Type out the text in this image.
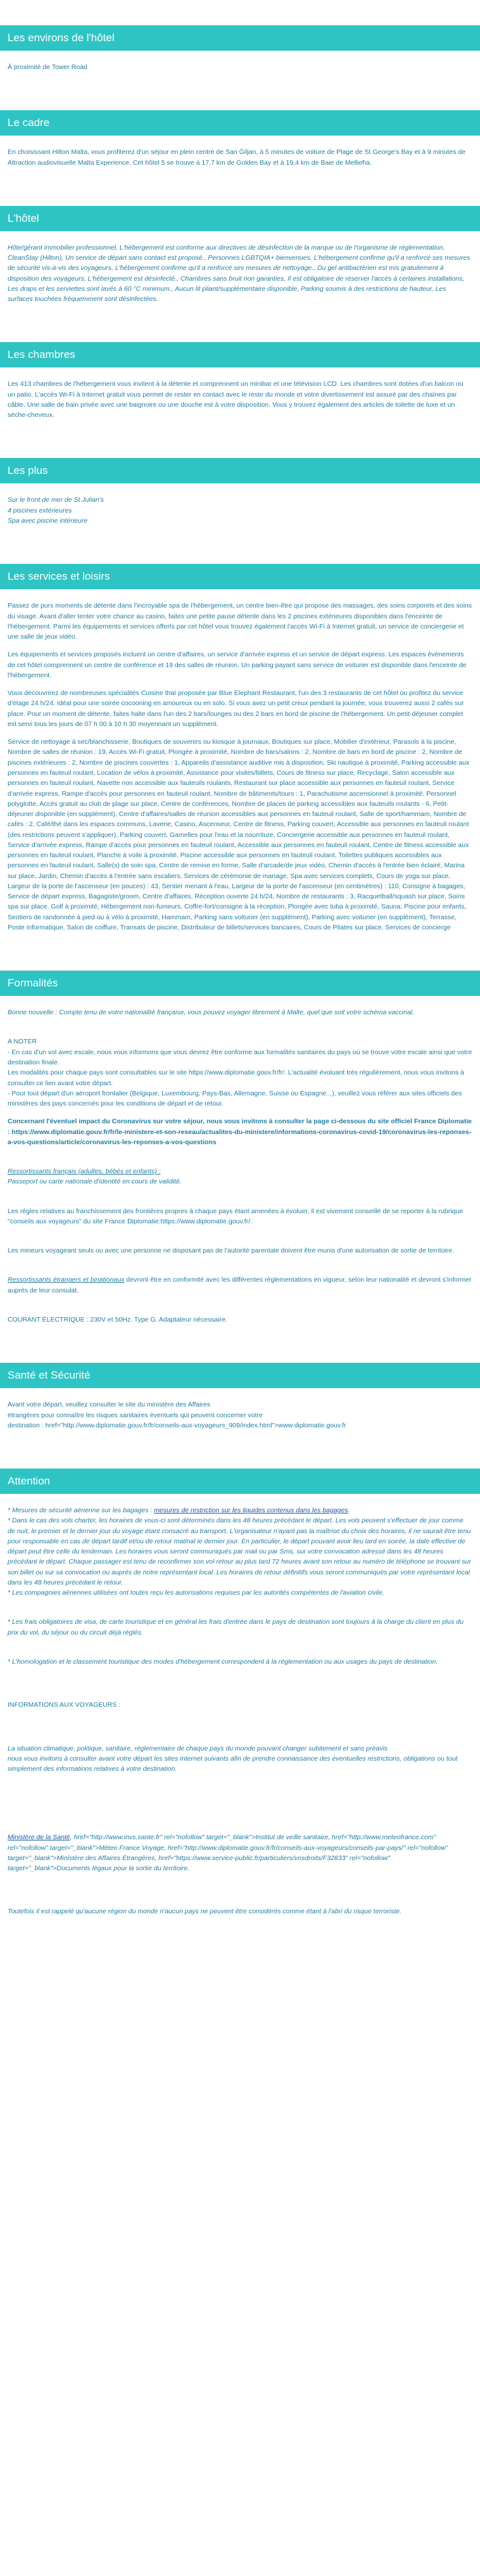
Les environs de l'hôtel

À proximité de Tower Road

Le cadre

En choisissant Hilton Malta, vous profiterez d'un séjour en plein centre de San Ġiljan, à 5 minutes de voiture de Plage de St George's Bay et à 9 minutes de Attraction audiovisuelle Malta Experience. Cet hôtel 5 se trouve à 17,7 km de Golden Bay et à 19,4 km de Baie de Mellieħa.

L'hôtel

Hôte/gérant immobilier professionnel, L'hébergement est conforme aux directives de désinfection de la marque ou de l'organisme de réglementation, CleanStay (Hilton), Un service de départ sans contact est proposé., Personnes LGBTQIA+ bienvenues, L'hébergement confirme qu'il a renforcé ses mesures de sécurité vis-à-vis des voyageurs, L'hébergement confirme qu'il a renforcé ses mesures de nettoyage., Du gel antibactérien est mis gratuitement à disposition des voyageurs, L'hébergement est désinfecté., Chambres sans bruit non garanties, Il est obligatoire de réserver l'accès à certaines installations, Les draps et les serviettes sont lavés à 60 °C minimum., Aucun lit pliant/supplémentaire disponible, Parking soumis à des restrictions de hauteur, Les surfaces touchées fréquemment sont désinfectées.

Les chambres

Les 413 chambres de l'hébergement vous invitent à la détente et comprennent un minibar et une télévision LCD. Les chambres sont dotées d'un balcon ou un patio. L'accès Wi-Fi à Internet gratuit vous permet de rester en contact avec le reste du monde et votre divertissement est assuré par des chaînes par câble. Une salle de bain privée avec une baignoire ou une douche est à votre disposition. Vous y trouvez également des articles de toilette de luxe et un sèche-cheveux.

Les plus
Sur le front de mer de St Julian's
4 piscines extérieures
Spa avec piscine intérieure
Les services et loisirs

Passez de purs moments de détente dans l'incroyable spa de l'hébergement, un centre bien-être qui propose des massages, des soins corporels et des soins du visage. Avant d'aller tenter votre chance au casino, faites une petite pause détente dans les 2 piscines extérieures disponibles dans l'enceinte de l'hébergement. Parmi les équipements et services offerts par cet hôtel vous trouvez également l'accès Wi-Fi à Internet gratuit, un service de conciergerie et une salle de jeux vidéo.

Les équipements et services proposés incluent un centre d'affaires, un service d'arrivée express et un service de départ express. Les espaces événements de cet hôtel comprennent un centre de conférence et 19 des salles de réunion. Un parking payant sans service de voiturier est disponible dans l'enceinte de l'hébergement.

Vous découvrirez de nombreuses spécialités Cuisine thaï proposée par Blue Elephant Restaurant, l'un des 3 restaurants de cet hôtel ou profitez du service d'étage 24 h/24. Idéal pour une soirée cocooning en amoureux ou en solo. Si vous avez un petit creux pendant la journée, vous trouverez aussi 2 cafés sur place. Pour un moment de détente, faites halte dans l'un des 2 bars/lounges ou des 2 bars en bord de piscine de l'hébergement. Un petit-déjeuner complet est servi tous les jours de 07 h 00 à 10 h 30 moyennant un supplément.

Service de nettoyage à sec/blanchisserie, Boutiques de souvenirs ou kiosque à journaux, Boutiques sur place, Mobilier d'extérieur, Parasols à la piscine, Nombre de salles de réunion : 19, Accès Wi-Fi gratuit, Plongée à proximité, Nombre de bars/salons : 2, Nombre de bars en bord de piscine : 2, Nombre de piscines extérieures : 2, Nombre de piscines couvertes : 1, Appareils d'assistance auditive mis à disposition, Ski nautique à proximité, Parking accessible aux personnes en fauteuil roulant, Location de vélos à proximité, Assistance pour visites/billets, Cours de fitness sur place, Recyclage, Salon accessible aux personnes en fauteuil roulant, Navette non accessible aux fauteuils roulants, Restaurant sur place accessible aux personnes en fauteuil roulant, Service d'arrivée express, Rampe d'accès pour personnes en fauteuil roulant, Nombre de bâtiments/tours : 1, Parachutisme ascensionnel à proximité, Personnel polyglotte, Accès gratuit au club de plage sur place, Centre de conférences, Nombre de places de parking accessibles aux fauteuils roulants - 6, Petit-déjeuner disponible (en supplément), Centre d'affaires/salles de réunion accessibles aux personnes en fauteuil roulant, Salle de sport/hammam, Nombre de cafés : 2, Café/thé dans les espaces communs, Laverie, Casino, Ascenseur, Centre de fitness, Parking couvert, Accessible aux personnes en fauteuil roulant (des restrictions peuvent s'appliquer), Parking couvert, Gamelles pour l'eau et la nourriture, Conciergerie accessible aux personnes en fauteuil roulant, Service d'arrivée express, Rampe d'accès pour personnes en fauteuil roulant, Accessible aux personnes en fauteuil roulant, Centre de fitness accessible aux personnes en fauteuil roulant, Planche à voile à proximité, Piscine accessible aux personnes en fauteuil roulant, Toilettes publiques accessibles aux personnes en fauteuil roulant, Salle(s) de soin spa, Centre de remise en forme, Salle d'arcade/de jeux vidéo, Chemin d'accès à l'entrée bien éclairé, Marina sur place, Jardin, Chemin d'accès à l'entrée sans escaliers, Services de cérémonie de mariage, Spa avec services complets, Cours de yoga sur place, Largeur de la porte de l'ascenseur (en pouces) : 43, Sentier menant à l'eau, Largeur de la porte de l'ascenseur (en centimètres) : 110, Consigne à bagages, Service de départ express, Bagagiste/groom, Centre d'affaires, Réception ouverte 24 h/24, Nombre de restaurants : 3, Racquetball/squash sur place, Soins spa sur place, Golf à proximité, Hébergement non-fumeurs, Coffre-fort/consigne à la réception, Plongée avec tuba à proximité, Sauna, Piscine pour enfants, Sentiers de randonnée à pied ou à vélo à proximité, Hammam, Parking sans voiturier (en supplément), Parking avec voiturier (en supplément), Terrasse, Poste informatique, Salon de coiffure, Transats de piscine, Distributeur de billets/services bancaires, Cours de Pilates sur place, Services de concierge

Formalités

Bonne nouvelle : Compte tenu de votre nationalité française, vous pouvez voyager librement à Malte, quel que soit votre schéma vaccinal.

A NOTER
- En cas d'un vol avec escale, nous vous informons que vous devrez être conforme aux formalités sanitaires du pays où se trouve votre escale ainsi que votre destination finale.
Les modalités pour chaque pays sont consultables sur le site https://www.diplomatie.gouv.fr/fr/. L'actualité évoluant très régulièrement, nous vous invitons à consulter ce lien avant votre départ.

- Pour tout départ d'un aéroport frontalier (Belgique, Luxembourg, Pays-Bas, Allemagne, Suisse ou Espagne...), veuillez vous référer aux sites officiels des ministères des pays concernés pour les conditions de départ et de retour.

Concernant l'éventuel impact du Coronavirus sur votre séjour, nous vous invitons à consulter la page ci-dessous du site officiel France Diplomatie : https://www.diplomatie.gouv.fr/fr/le-ministere-et-son-reseau/actualites-du-ministere/informations-coronavirus-covid-19/coronavirus-les-reponses-a-vos-questions/article/coronavirus-les-reponses-a-vos-questions

Ressortissants français (adultes, bébés et enfants) :

Passeport ou carte nationale d'identité en cours de validité.

Les règles relatives au franchissement des frontières propres à chaque pays étant amenées à évoluer, il est vivement conseillé de se reporter à la rubrique "conseils aux voyageurs" du site France Diplomatie:https://www.diplomatie.gouv.fr/.

Les mineurs voyageant seuls ou avec une personne ne disposant pas de l'autorité parentale doivent être munis d'une autorisation de sortie de territoire.

Ressortissants étrangers et binationaux devront être en conformité avec les différentes réglementations en vigueur, selon leur nationalité et devront s'informer auprès de leur consulat.

COURANT ÉLECTRIQUE : 230V et 50Hz. Type G. Adaptateur nécessaire.

Santé et Sécurité
Avant votre départ, veuillez consulter le site du ministère des Affaires
étrangères pour connaître les risques sanitaires éventuels qui peuvent concerner votre
destination : href="http://www.diplomatie.gouv.fr/fr/conseils-aux-voyageurs_909/index.html">www.diplomatie.gouv.fr
Attention

* Mesures de sécurité aérienne sur les bagages : mesures de restriction sur les liquides contenus dans les bagages.
* Dans le cas des vols charter, les horaires de vous-ci sont déterminés dans les 48 heures précédant le départ. Les vols peuvent s'effectuer de jour comme de nuit, le premier et le dernier jour du voyage étant consacré au transport. L'organisateur n'ayant pas la maîtrise du choix des horaires, il ne saurait être tenu pour responsable en cas de départ tardif et/ou de retour matinal le dernier jour. En particulier, le départ pouvant avoir lieu tard en soirée, la date effective de départ peut être celle du lendemain. Les horaires vous seront communiqués par mail ou par Sms, sur votre convocation adressé dans les 48 heures précédant le départ. Chaque passager est tenu de reconfirmer son vol retour au plus tard 72 heures avant son retour au numéro de téléphone se trouvant sur son billet ou sur sa convocation ou auprès de notre représentant local. Les horaires de retour définitifs vous seront communiqués par votre représentant local dans les 48 heures précédant le retour.
* Les compagnies aériennes utilisées ont toutes reçu les autorisations requises par les autorités compétentes de l'aviation civile.

* Les frais obligatoires de visa, de carte touristique et en général les frais d'entrée dans le pays de destination sont toujours à la charge du client en plus du prix du vol, du séjour ou du circuit déjà réglés.

* L'homologation et le classement touristique des modes d'hébergement correspondent à la réglementation ou aux usages du pays de destination.

INFORMATIONS AUX VOYAGEURS :

La situation climatique, politique, sanitaire, réglementaire de chaque pays du monde pouvant changer subitement et sans préavis
nous vous invitons à consulter avant votre départ les sites Internet suivants afin de prendre connaissance des éventuelles restrictions, obligations ou tout simplement des informations relatives à votre destination.

Ministère de la Santé, href="http://www.invs.sante.fr" rel="nofollow" target="_blank">Institut de veille sanitaire, href="http://www.meteofrance.com" rel="nofollow" target="_blank">Méteo France Voyage, href="http://www.diplomatie.gouv.fr/fr/conseils-aux-voyageurs/conseils-par-pays/" rel="nofollow" target="_blank">Ministère des Affaires Étrangères, href="https://www.service-public.fr/particuliers/vosdroits/F32833" rel="nofollow" target="_blank">Documents légaux pour la sortie du territoire.

Toutefois il est rappelé qu'aucune région du monde n'aucun pays ne peuvent être considérés comme étant à l'abri du risque terroriste.
